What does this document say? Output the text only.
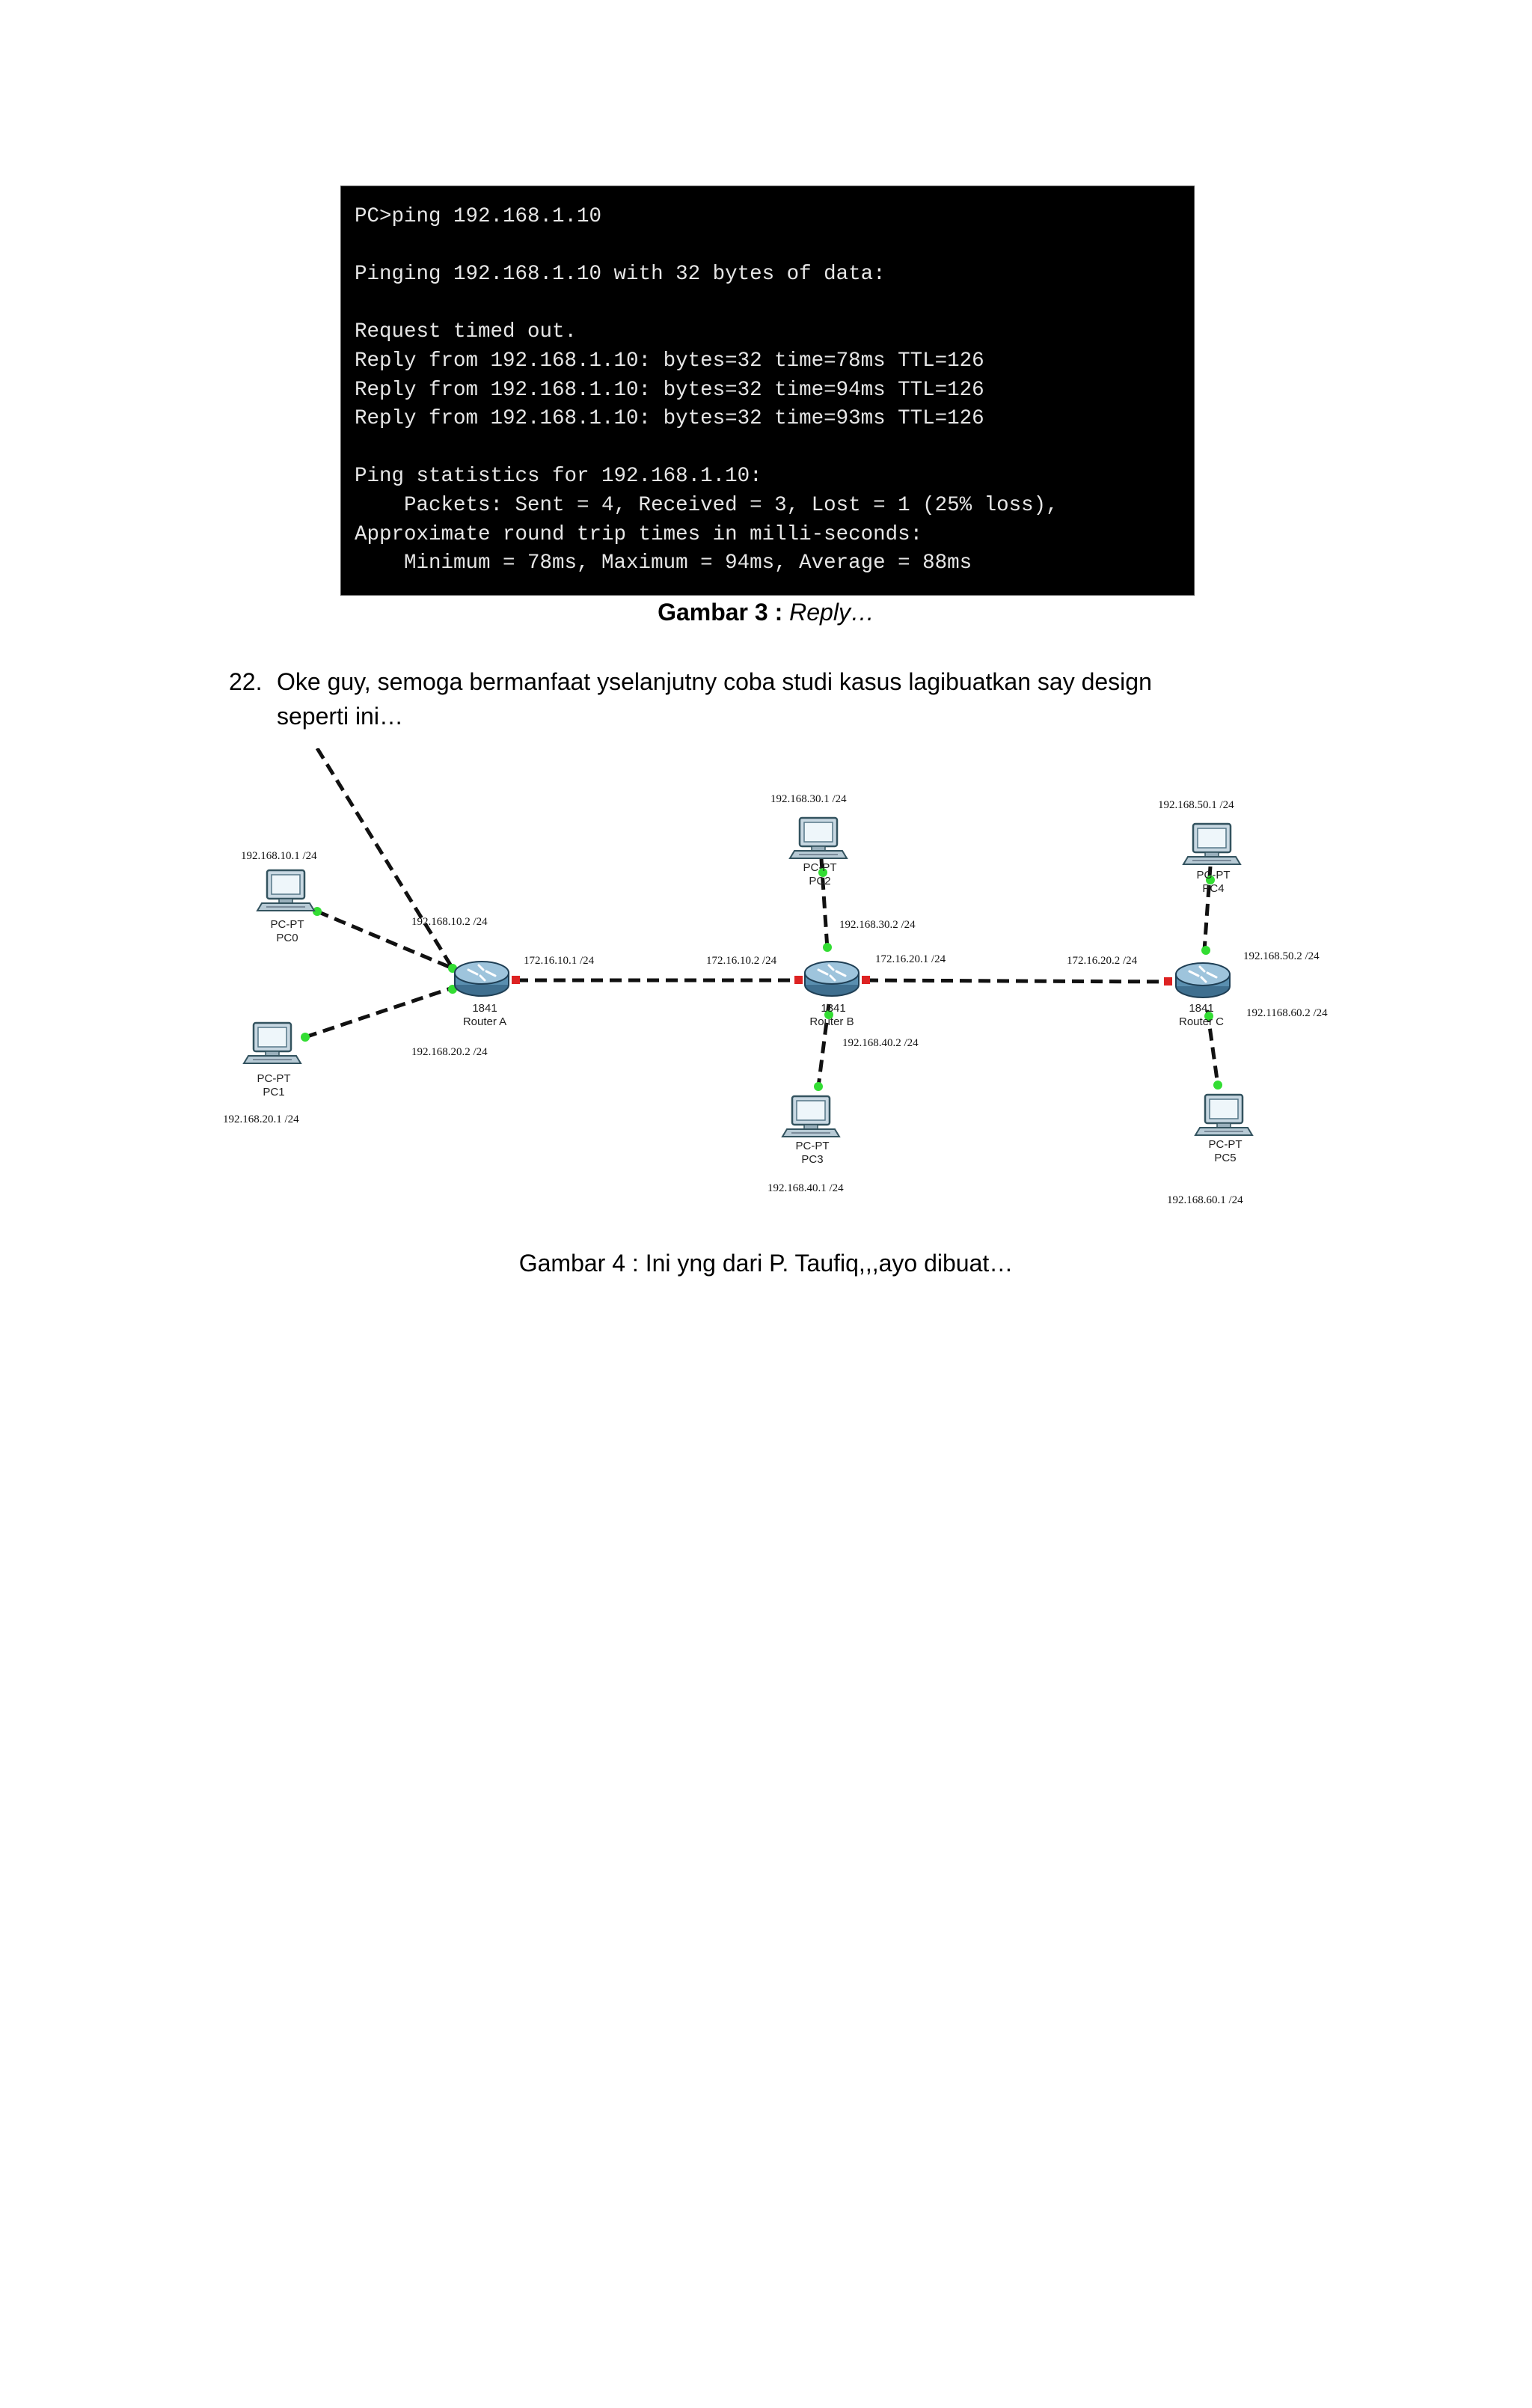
PC>ping 192.168.1.10
Pinging 192.168.1.10 with 32 bytes of data:
Request timed out.
Reply from 192.168.1.10: bytes=32 time=78ms TTL=126
Reply from 192.168.1.10: bytes=32 time=94ms TTL=126
Reply from 192.168.1.10: bytes=32 time=93ms TTL=126
Ping statistics for 192.168.1.10:
Packets: Sent = 4, Received = 3, Lost = 1 (25% loss),
Approximate round trip times in milli-seconds:
Minimum = 78ms, Maximum = 94ms, Average = 88ms
Gambar 3 : Reply…
22. Oke guy, semoga bermanfaat yselanjutny coba studi kasus lagibuatkan say design
seperti ini…
1841
Router A
1841
Router B
1841
Router C
PC-PT
PC0
PC-PT
PC1
PC-PT
PC2
PC-PT
PC3
PC-PT
PC4
PC-PT
PC5
192.168.10.1 /24
192.168.20.1 /24
192.168.30.1 /24
192.168.40.1 /24
192.168.50.1 /24
192.168.60.1 /24
192.168.10.2 /24
192.168.20.2 /24
172.16.10.1 /24	172.16.10.2 /24
192.168.30.2 /24
192.168.40.2 /24
172.16.20.1 /24	172.16.20.2 /24	192.168.50.2 /24
192.1168.60.2 /24
Gambar 4 : Ini yng dari P. Taufiq,,,ayo dibuat…
